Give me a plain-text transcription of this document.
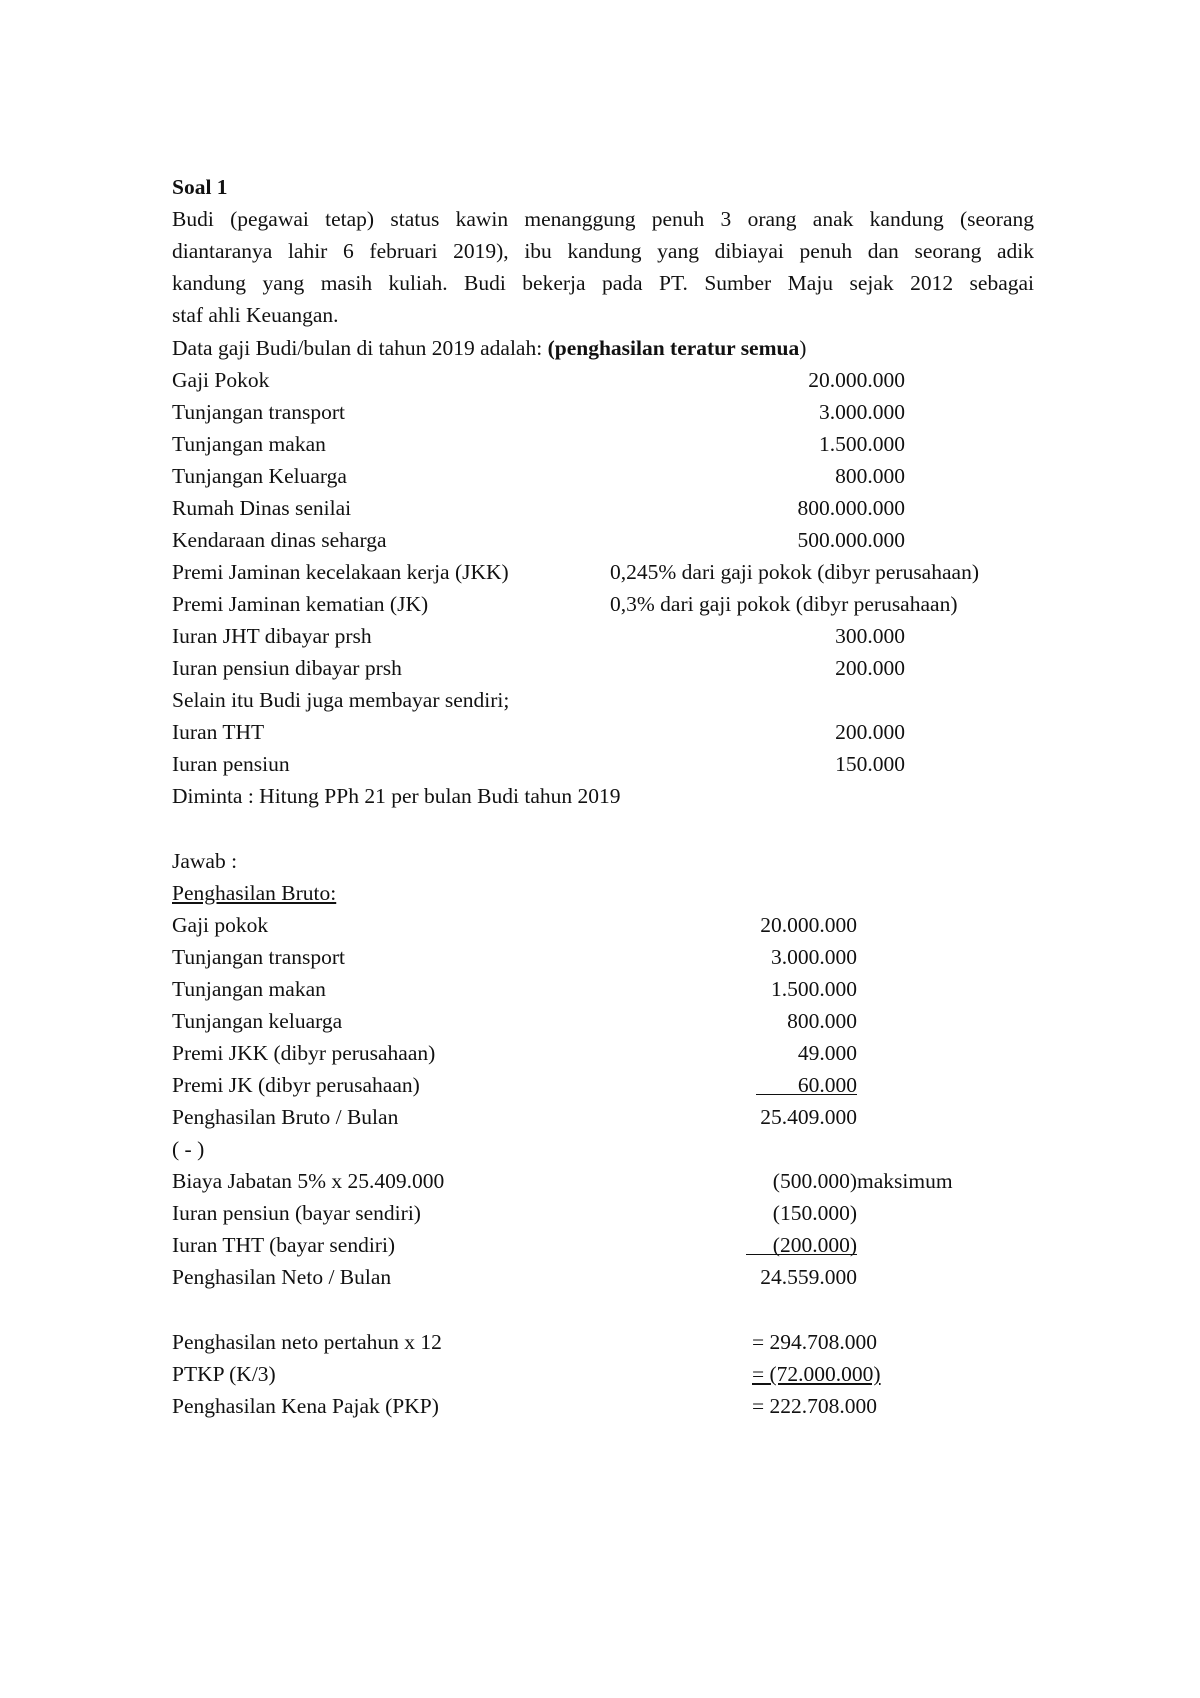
Soal 1
Budi (pegawai tetap) status kawin menanggung penuh 3 orang anak kandung (seorang
diantaranya lahir 6 februari 2019), ibu kandung yang dibiayai penuh dan seorang adik
kandung yang masih kuliah. Budi bekerja pada PT. Sumber Maju sejak 2012 sebagai
staf ahli Keuangan.
Data gaji Budi/bulan di tahun 2019 adalah: (penghasilan teratur semua)
Gaji Pokok	20.000.000
Tunjangan transport	3.000.000
Tunjangan makan	1.500.000
Tunjangan Keluarga	800.000
Rumah Dinas senilai	800.000.000
Kendaraan dinas seharga	500.000.000
Premi Jaminan kecelakaan kerja (JKK)	0,245% dari gaji pokok (dibyr perusahaan)
Premi Jaminan kematian (JK)	0,3% dari gaji pokok (dibyr perusahaan)
Iuran JHT dibayar prsh	300.000
Iuran pensiun dibayar prsh	200.000
Selain itu Budi juga membayar sendiri;
Iuran THT	200.000
Iuran pensiun	150.000
Diminta : Hitung PPh 21 per bulan Budi tahun 2019
Jawab :
Penghasilan Bruto:
Gaji pokok	20.000.000
Tunjangan transport	3.000.000
Tunjangan makan	1.500.000
Tunjangan keluarga	800.000
Premi JKK (dibyr perusahaan)	49.000
Premi JK (dibyr perusahaan)	60.000
Penghasilan Bruto / Bulan	25.409.000
( - )
Biaya Jabatan 5% x 25.409.000	(500.000) maksimum
Iuran pensiun (bayar sendiri)	(150.000)
Iuran THT (bayar sendiri)	(200.000)
Penghasilan Neto / Bulan	24.559.000
Penghasilan neto pertahun x 12	= 294.708.000
PTKP (K/3)	= (72.000.000)
Penghasilan Kena Pajak (PKP)	= 222.708.000
